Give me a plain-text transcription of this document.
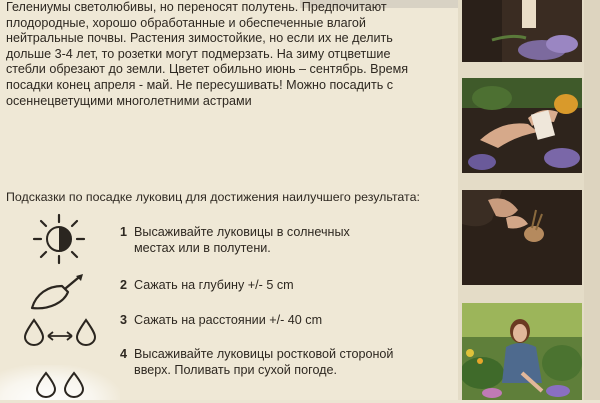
Гелениумы светолюбивы, но переносят полутень. Предпочитают
плодородные, хорошо обработанные и обеспеченные влагой
нейтральные почвы. Растения зимостойкие, но если их не делить
дольше 3-4 лет, то розетки могут подмерзать. На зиму отцветшие
стебли обрезают до земли. Цветет обильно июнь – сентябрь. Время
посадки конец апреля - май. Не пересушивать! Можно посадить с
осеннецветущими многолетними астрами
Подсказки по посадке луковиц для достижения наилучшего результата:
1 Высаживайте луковицы в солнечных местах или в полутени.
2 Сажать на глубину +/- 5 cm
3 Сажать на расстоянии +/- 40 cm
4 Высаживайте луковицы ростковой стороной вверх. Поливать при сухой погоде.
